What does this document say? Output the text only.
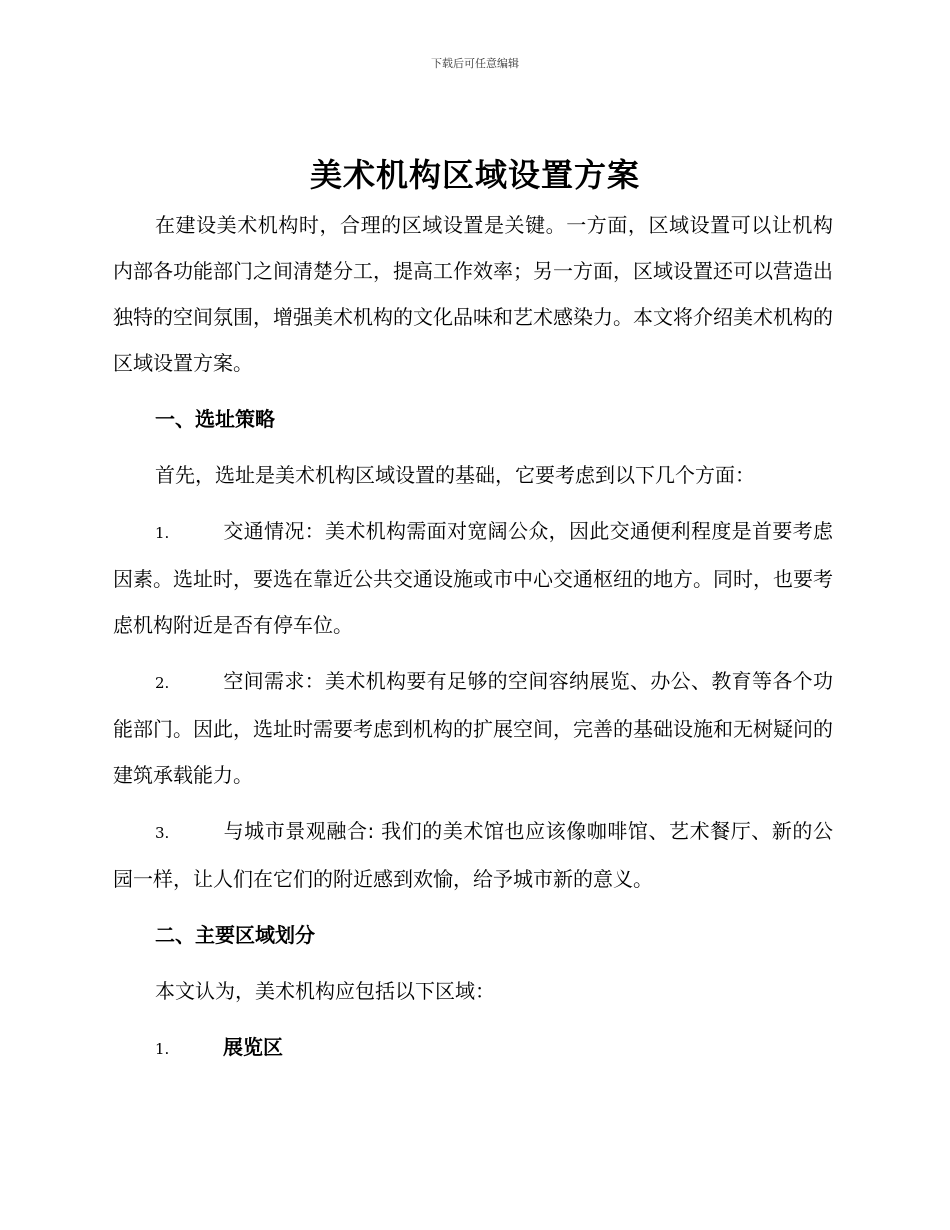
下载后可任意编辑
美术机构区域设置方案

在建设美术机构时，合理的区域设置是关键。一方面，区域设置可以让机构内部各功能部门之间清楚分工，提高工作效率；另一方面，区域设置还可以营造出独特的空间氛围，增强美术机构的文化品味和艺术感染力。本文将介绍美术机构的区域设置方案。

一、选址策略

首先，选址是美术机构区域设置的基础，它要考虑到以下几个方面：

1.	交通情况：美术机构需面对宽阔公众，因此交通便利程度是首要考虑因素。选址时，要选在靠近公共交通设施或市中心交通枢纽的地方。同时，也要考虑机构附近是否有停车位。

2.	空间需求：美术机构要有足够的空间容纳展览、办公、教育等各个功能部门。因此，选址时需要考虑到机构的扩展空间，完善的基础设施和无树疑问的建筑承载能力。

3.	与城市景观融合: 我们的美术馆也应该像咖啡馆、艺术餐厅、新的公园一样，让人们在它们的附近感到欢愉，给予城市新的意义。

二、主要区域划分

本文认为，美术机构应包括以下区域：

1.	展览区
